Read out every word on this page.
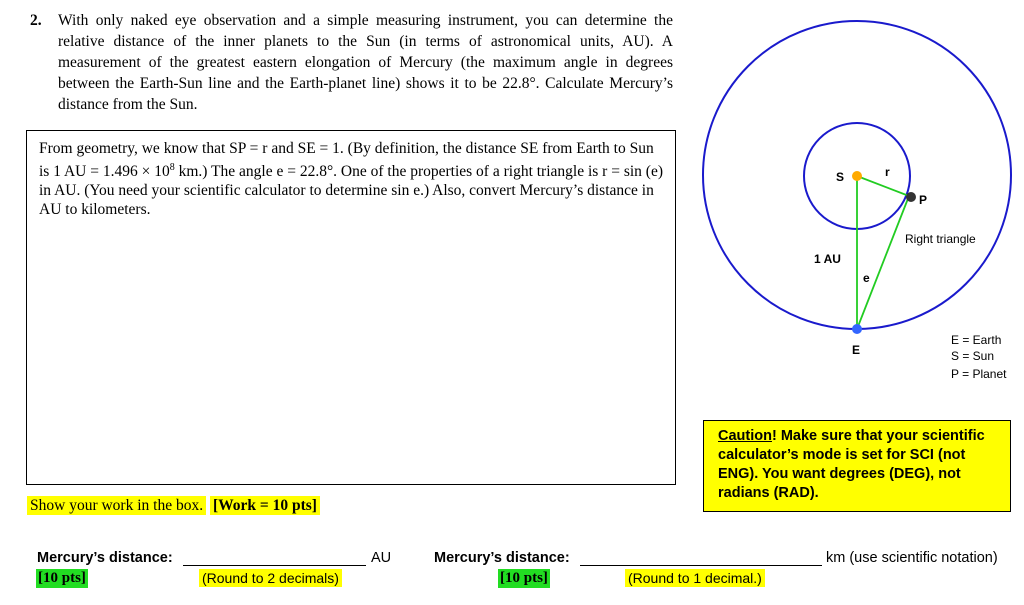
2. With only naked eye observation and a simple measuring instrument, you can determine the relative distance of the inner planets to the Sun (in terms of astronomical units, AU). A measurement of the greatest eastern elongation of Mercury (the maximum angle in degrees between the Earth-Sun line and the Earth-planet line) shows it to be 22.8°. Calculate Mercury’s distance from the Sun.
From geometry, we know that SP = r and SE = 1. (By definition, the distance SE from Earth to Sun is 1 AU = $1.496 \times 10^8$ km.) The angle e = 22.8°. One of the properties of a right triangle is r = sin (e) in AU. (You need your scientific calculator to determine sin e.) Also, convert Mercury’s distance in AU to kilometers.
Show your work in the box. [Work = 10 pts]
Mercury’s distance:	AU
[10 pts]	(Round to 2 decimals)
Mercury’s distance:	km (use scientific notation)
[10 pts]	(Round to 1 decimal.)
Caution! Make sure that your scientific calculator’s mode is set for SCI (not ENG). You want degrees (DEG), not radians (RAD).
S	r
P
e
1 AU
E
Right triangle
E = Earth
S = Sun
P = Planet
